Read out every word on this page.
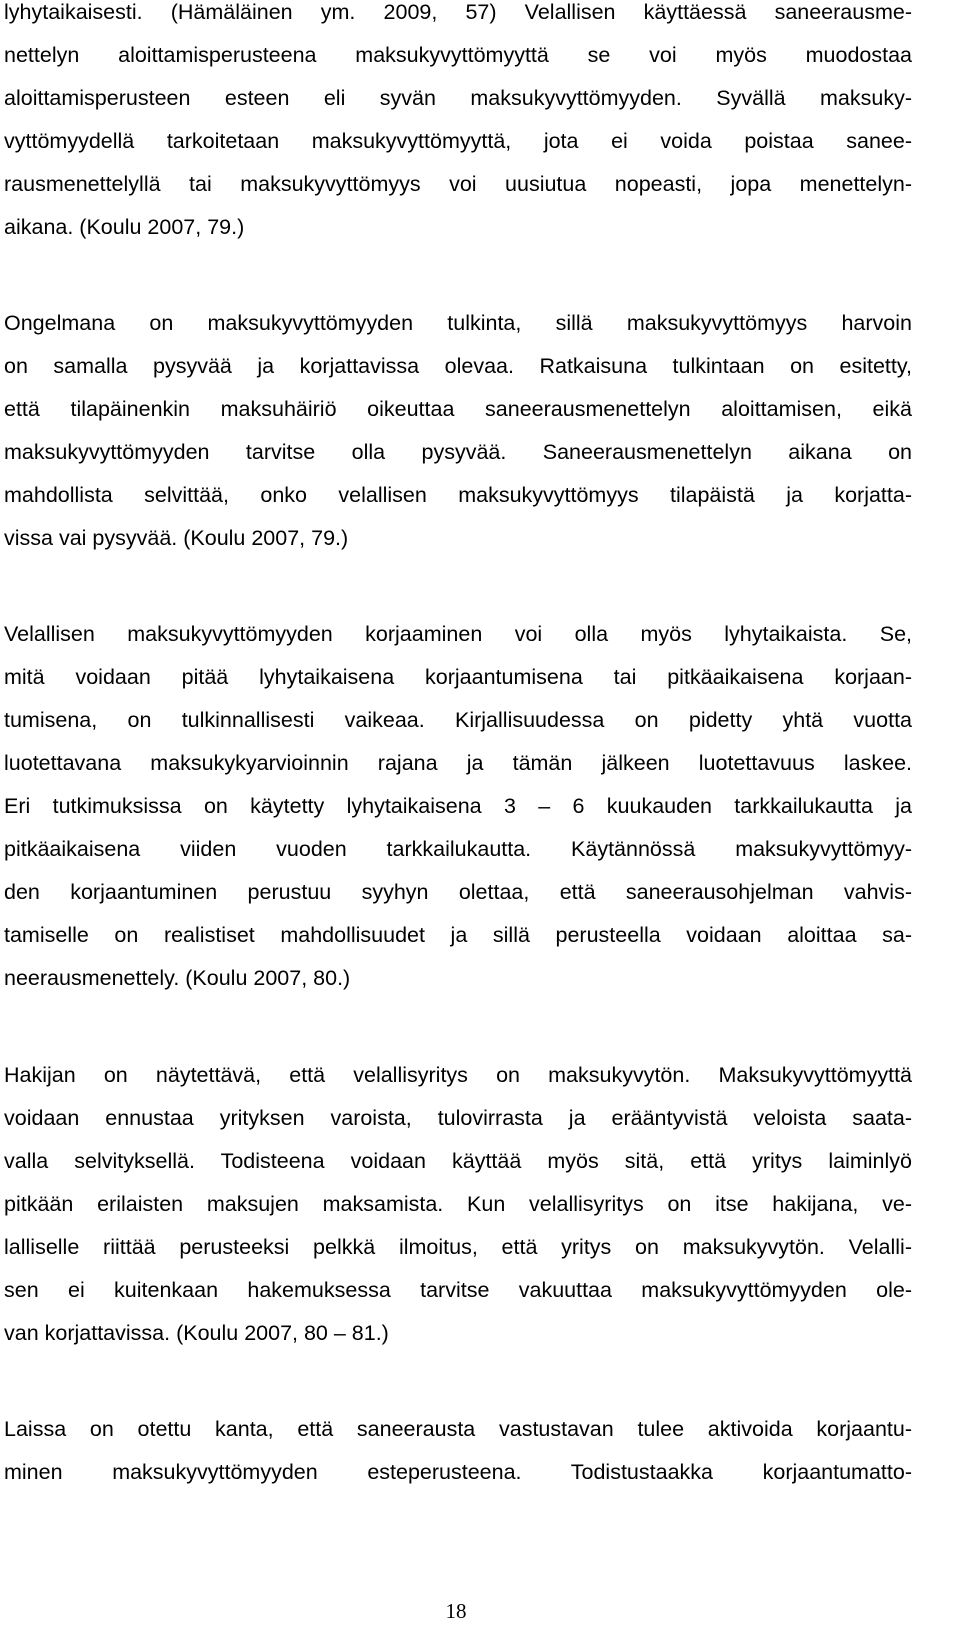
lyhytaikaisesti. (Hämäläinen ym. 2009, 57) Velallisen käyttäessä saneerausme-
nettelyn aloittamisperusteena maksukyvyttömyyttä se voi myös muodostaa
aloittamisperusteen esteen eli syvän maksukyvyttömyyden. Syvällä maksuky-
vyttömyydellä tarkoitetaan maksukyvyttömyyttä, jota ei voida poistaa sanee-
rausmenettelyllä tai maksukyvyttömyys voi uusiutua nopeasti, jopa menettelyn-
aikana. (Koulu 2007, 79.)
Ongelmana on maksukyvyttömyyden tulkinta, sillä maksukyvyttömyys harvoin
on samalla pysyvää ja korjattavissa olevaa. Ratkaisuna tulkintaan on esitetty,
että tilapäinenkin maksuhäiriö oikeuttaa saneerausmenettelyn aloittamisen, eikä
maksukyvyttömyyden tarvitse olla pysyvää. Saneerausmenettelyn aikana on
mahdollista selvittää, onko velallisen maksukyvyttömyys tilapäistä ja korjatta-
vissa vai pysyvää. (Koulu 2007, 79.)
Velallisen maksukyvyttömyyden korjaaminen voi olla myös lyhytaikaista. Se,
mitä voidaan pitää lyhytaikaisena korjaantumisena tai pitkäaikaisena korjaan-
tumisena, on tulkinnallisesti vaikeaa. Kirjallisuudessa on pidetty yhtä vuotta
luotettavana maksukykyarvioinnin rajana ja tämän jälkeen luotettavuus laskee.
Eri tutkimuksissa on käytetty lyhytaikaisena 3 – 6 kuukauden tarkkailukautta ja
pitkäaikaisena viiden vuoden tarkkailukautta. Käytännössä maksukyvyttömyy-
den korjaantuminen perustuu syyhyn olettaa, että saneerausohjelman vahvis-
tamiselle on realistiset mahdollisuudet ja sillä perusteella voidaan aloittaa sa-
neerausmenettely. (Koulu 2007, 80.)
Hakijan on näytettävä, että velallisyritys on maksukyvytön. Maksukyvyttömyyttä
voidaan ennustaa yrityksen varoista, tulovirrasta ja erääntyvistä veloista saata-
valla selvityksellä. Todisteena voidaan käyttää myös sitä, että yritys laiminlyö
pitkään erilaisten maksujen maksamista. Kun velallisyritys on itse hakijana, ve-
lalliselle riittää perusteeksi pelkkä ilmoitus, että yritys on maksukyvytön. Velalli-
sen ei kuitenkaan hakemuksessa tarvitse vakuuttaa maksukyvyttömyyden ole-
van korjattavissa. (Koulu 2007, 80 – 81.)
Laissa on otettu kanta, että saneerausta vastustavan tulee aktivoida korjaantu-
minen maksukyvyttömyyden esteperusteena. Todistustaakka korjaantumatto-
18
